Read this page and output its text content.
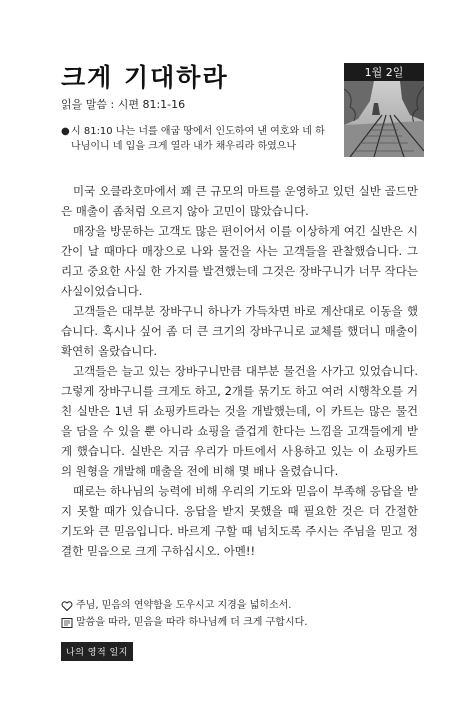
크게 기대하라	1월 2일
읽을 말씀 : 시편 81:1-16
● 시 81:10 나는 너를 애굽 땅에서 인도하여 낸 여호와 네 하나님이니 네 입을 크게 열라 내가 채우리라 하였으나

미국 오클라호마에서 꽤 큰 규모의 마트를 운영하고 있던 실반 골드만은 매출이 좀처럼 오르지 않아 고민이 많았습니다.

매장을 방문하는 고객도 많은 편이어서 이를 이상하게 여긴 실반은 시간이 날 때마다 매장으로 나와 물건을 사는 고객들을 관찰했습니다. 그리고 중요한 사실 한 가지를 발견했는데 그것은 장바구니가 너무 작다는 사실이었습니다.

고객들은 대부분 장바구니 하나가 가득차면 바로 계산대로 이동을 했습니다. 혹시나 싶어 좀 더 큰 크기의 장바구니로 교체를 했더니 매출이 확연히 올랐습니다.

고객들은 늘고 있는 장바구니만큼 대부분 물건을 사가고 있었습니다. 그렇게 장바구니를 크게도 하고, 2개를 묶기도 하고 여러 시행착오를 거친 실반은 1년 뒤 쇼핑카트라는 것을 개발했는데, 이 카트는 많은 물건을 담을 수 있을 뿐 아니라 쇼핑을 즐겁게 한다는 느낌을 고객들에게 받게 했습니다. 실반은 지금 우리가 마트에서 사용하고 있는 이 쇼핑카트의 원형을 개발해 매출을 전에 비해 몇 배나 올렸습니다.

때로는 하나님의 능력에 비해 우리의 기도와 믿음이 부족해 응답을 받지 못할 때가 있습니다. 응답을 받지 못했을 때 필요한 것은 더 간절한 기도와 큰 믿음입니다. 바르게 구할 때 넘치도록 주시는 주님을 믿고 정결한 믿음으로 크게 구하십시오. 아멘!!

주님, 믿음의 연약함을 도우시고 지경을 넓히소서.
말씀을 따라, 믿음을 따라 하나님께 더 크게 구합시다.
나의 영적 일지
